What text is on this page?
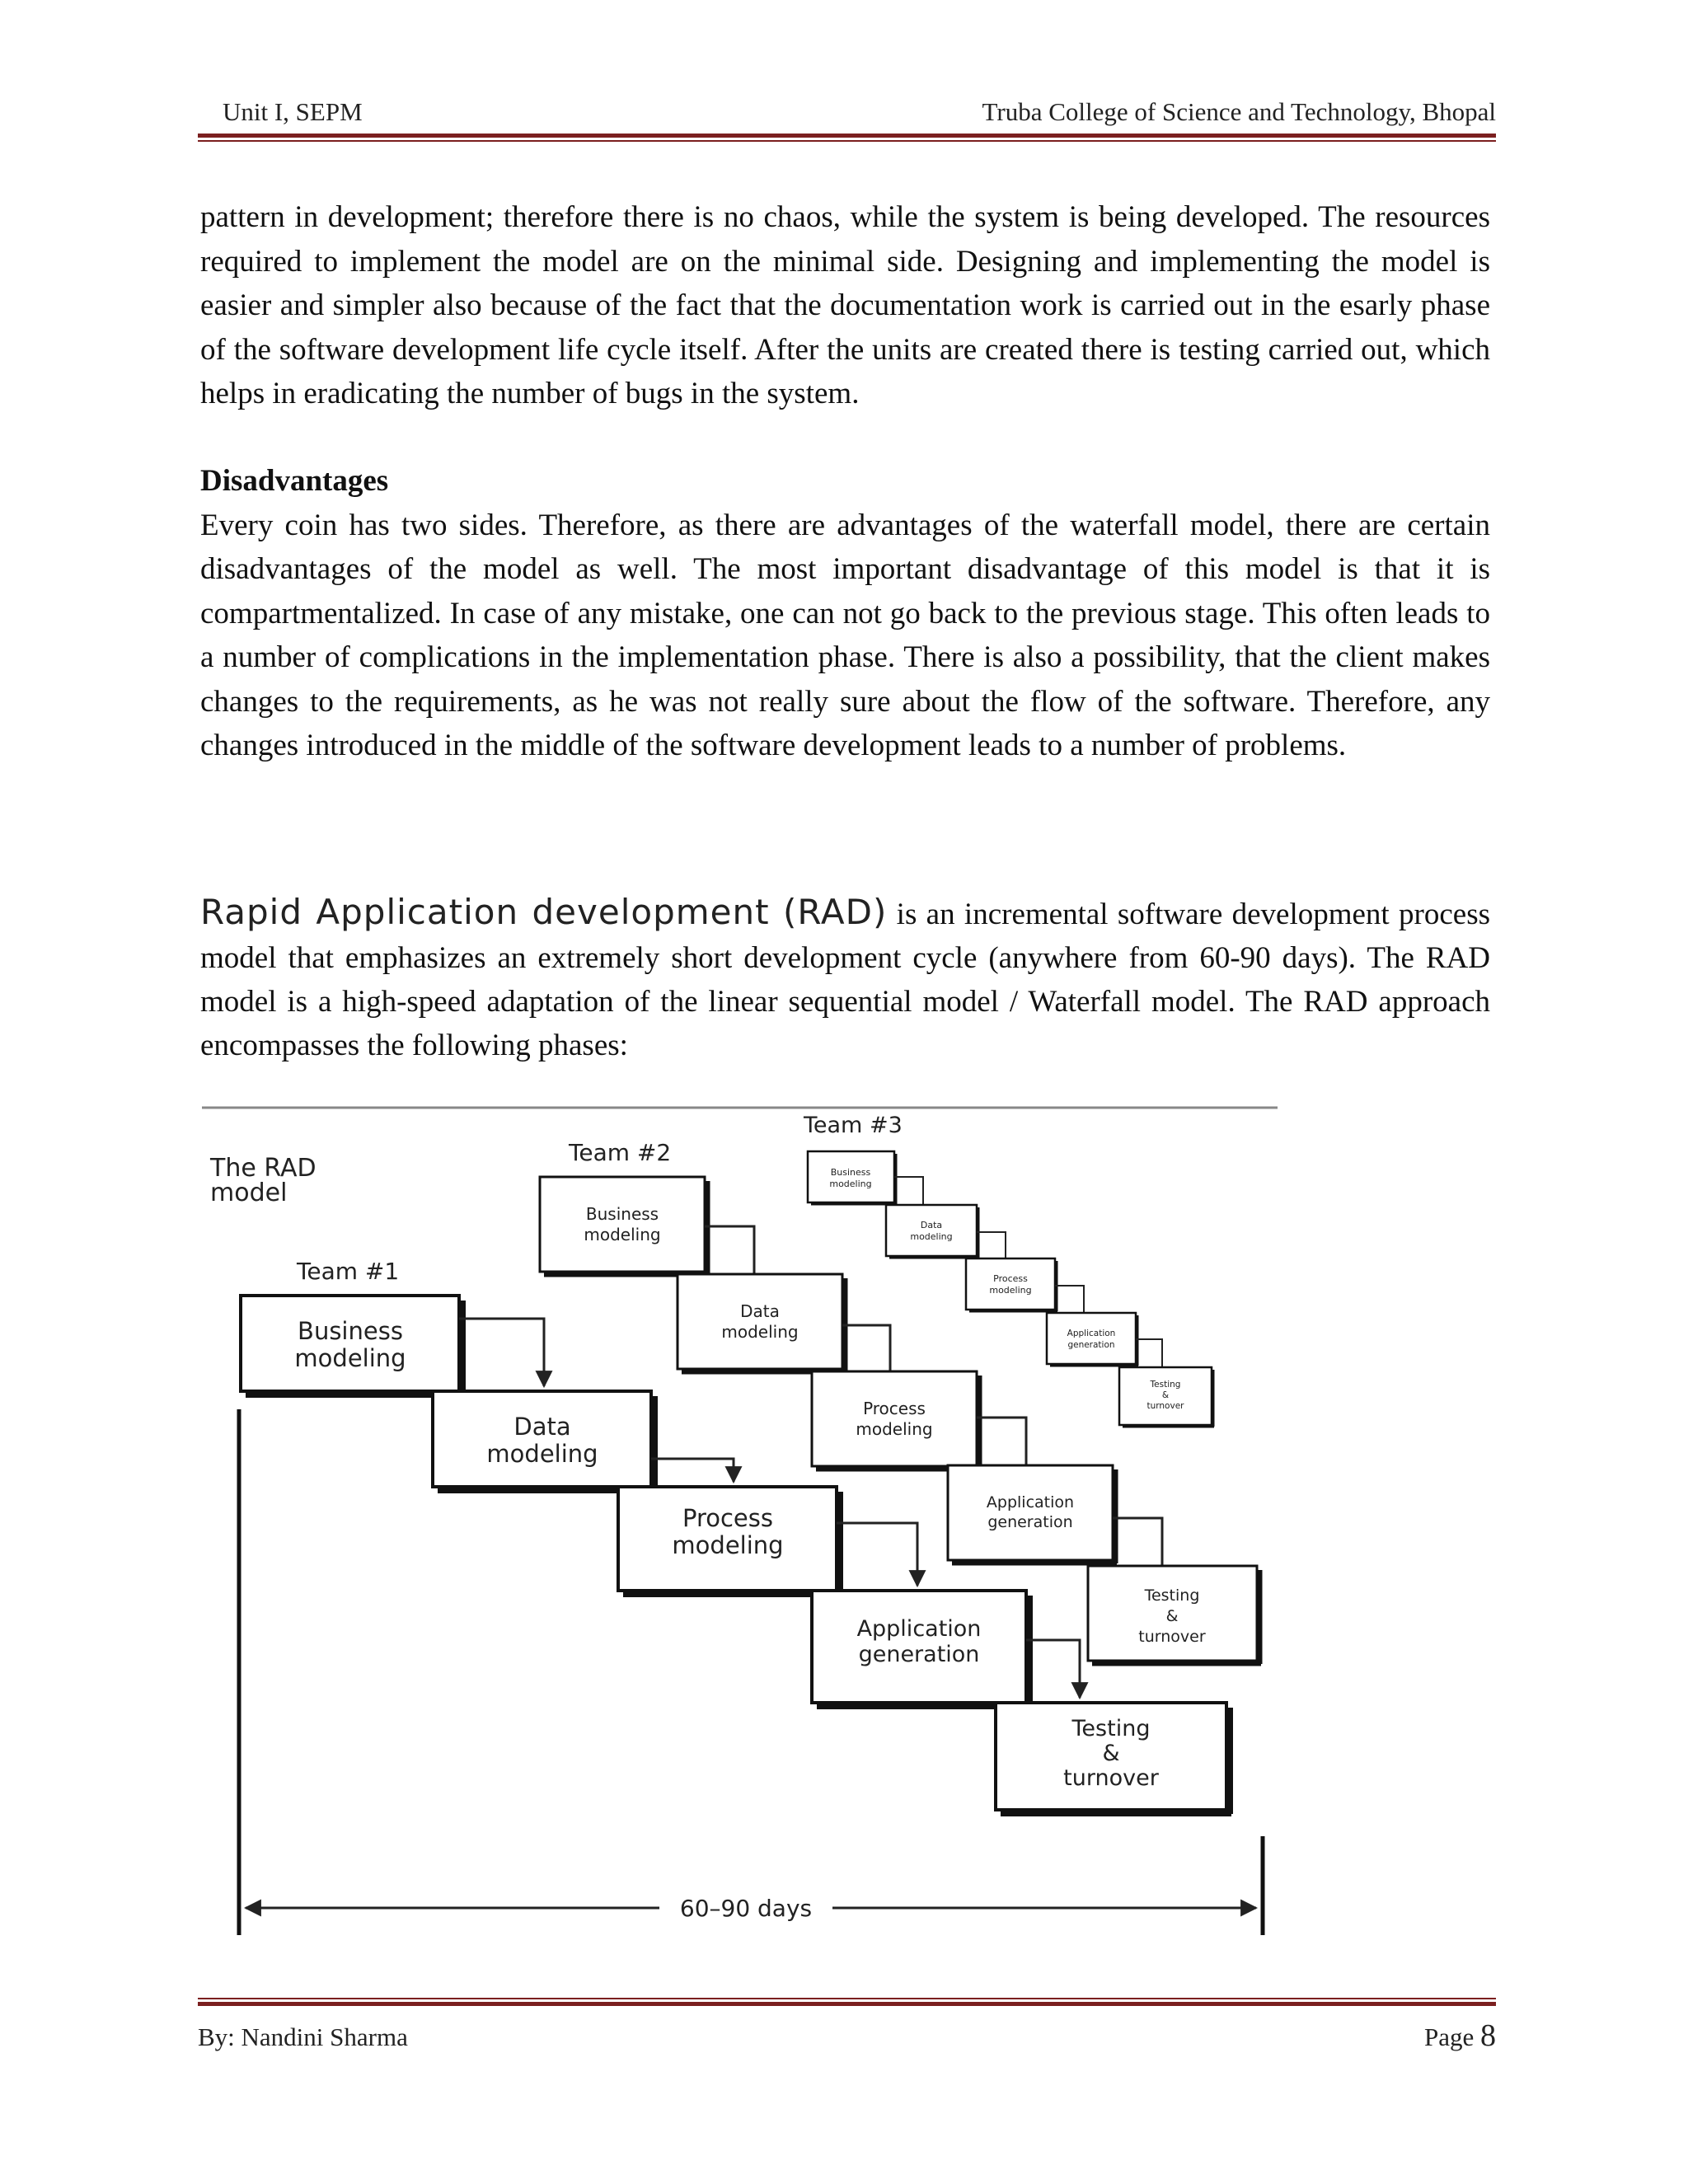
Unit I, SEPM	Truba College of Science and Technology, Bhopal
pattern in development; therefore there is no chaos, while the system is being developed. The resources required to implement the model are on the minimal side. Designing and implementing the model is easier and simpler also because of the fact that the documentation work is carried out in the esarly phase of the software development life cycle itself. After the units are created there is testing carried out, which helps in eradicating the number of bugs in the system.
Disadvantages
Every coin has two sides. Therefore, as there are advantages of the waterfall model, there are certain disadvantages of the model as well. The most important disadvantage of this model is that it is compartmentalized. In case of any mistake, one can not go back to the previous stage. This often leads to a number of complications in the implementation phase. There is also a possibility, that the client makes changes to the requirements, as he was not really sure about the flow of the software. Therefore, any changes introduced in the middle of the software development leads to a number of problems.
Rapid Application development (RAD) is an incremental software development process model that emphasizes an extremely short development cycle (anywhere from 60-90 days). The RAD model is a high-speed adaptation of the linear sequential model / Waterfall model. The RAD approach encompasses the following phases:
The RAD
model
Team #1
Business
modeling
Data
modeling
Process
modeling
Application
generation
Testing
&
turnover
Team #2
Business
modeling
Data
modeling
Process
modeling
Application
generation
Testing
&
turnover
Team #3
Business
modeling
Data
modeling
Process
modeling
Application
generation
Testing
&
turnover
60–90 days
By: Nandini Sharma	Page 8
